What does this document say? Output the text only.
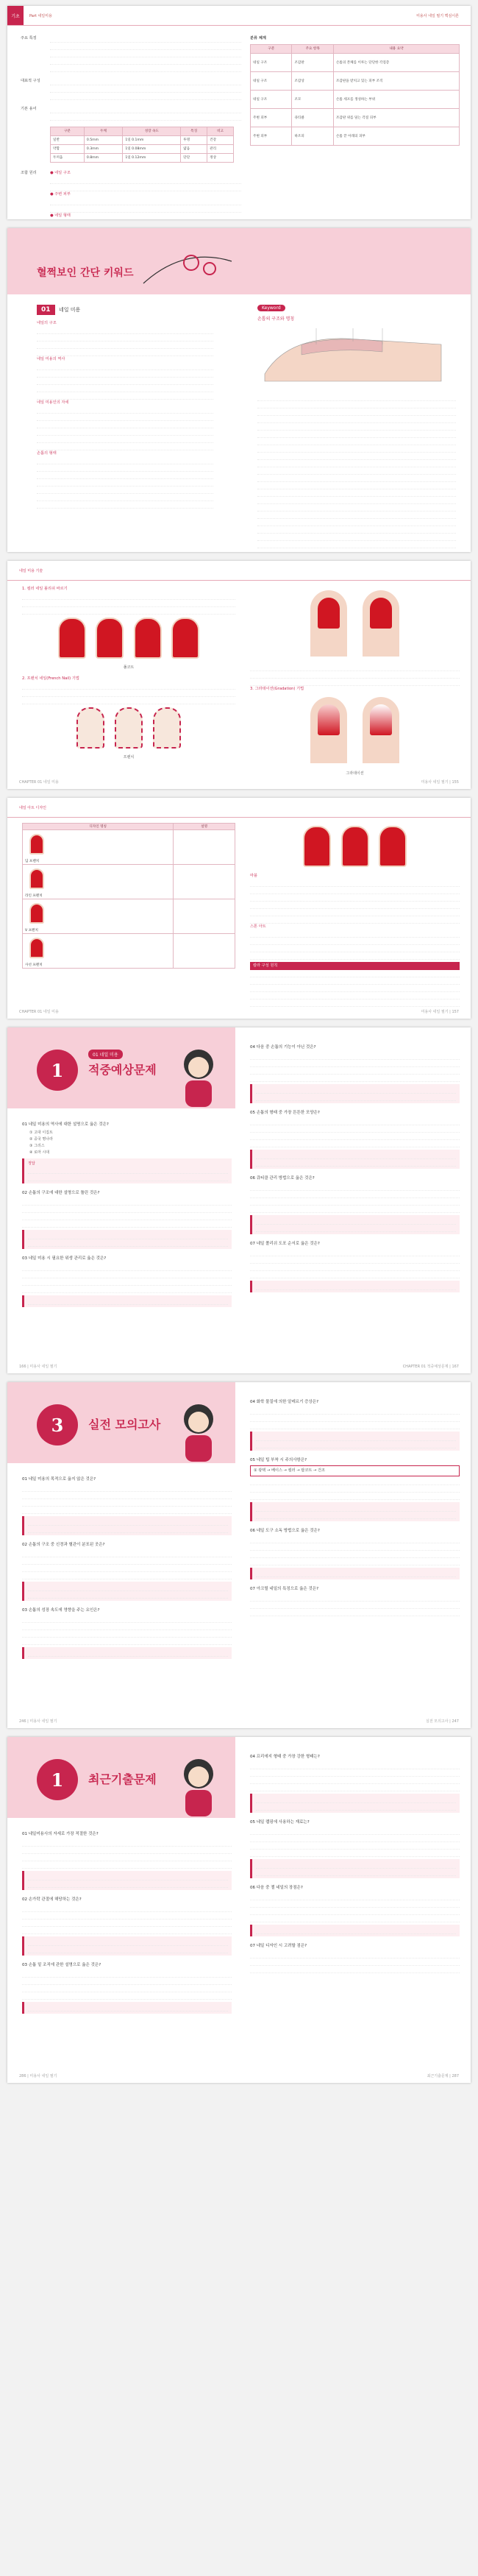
기초	Part 네일미용	미용사 네일 필기 핵심이론
주요 특징
대표적 구성
기본 용어
구분	두께	성장 속도	특징	비고
일반	0.5mm	1일 0.1mm	투명	건강
약함	0.3mm	1일 0.08mm	얇음	관리
두꺼움	0.8mm	1일 0.12mm	단단	정상
조합 원리	● 네일 구조
● 주변 피부
● 네일 형태
분류 체계
구분	주요 항목	내용 요약
네일 구조	조갑판	손톱의 본체를 이루는 단단한 각질층
네일 구조	조갑상	조갑판을 받치고 있는 피부 조직
네일 구조	조모	손톱 세포를 생성하는 부위
주변 피부	큐티클	조갑판 위를 덮는 각질 피부
주변 피부	하조피	손톱 끝 아래의 피부
혈쩍보인 간단 키워드
01	네일 미용
네일의 구조
네일 미용의 역사
네일 미용인의 자세
손톱의 형태
Keyword
손톱의 구조와 명칭
네일 미용 기술
1. 컬러 네일 폴리쉬 바르기

풀코트
2. 프렌치 네일(French Nail) 기법

프렌치

3. 그라데이션(Gradation) 기법

그라데이션
CHAPTER 01 네일 미용	미용사 네일 필기 | 155
네일 아트 디자인
디자인 명칭	설명

딥 프렌치	

라인 프렌치	

V 프렌치	

사선 프렌치	

마블
스톤 아트
칼라 구성 원칙
CHAPTER 01 네일 미용	미용사 네일 필기 | 157
1	적중예상문제
01 네일 미용
01 네일 미용의 역사에 대한 설명으로 옳은 것은?
① 고대 이집트
② 중국 명나라
③ 그리스
④ 로마 시대
정답
02 손톱의 구조에 대한 설명으로 틀린 것은?
03 네일 미용 시 필요한 위생 관리로 옳은 것은?
04 다음 중 손톱의 기능이 아닌 것은?
05 손톱의 형태 중 가장 튼튼한 모양은?
06 큐티클 관리 방법으로 옳은 것은?
07 네일 폴리쉬 도포 순서로 옳은 것은?
166 | 미용사 네일 필기	CHAPTER 01 적중예상문제 | 167
3	실전 모의고사
01 네일 미용의 목적으로 옳지 않은 것은?
02 손톱의 구조 중 신경과 혈관이 분포된 곳은?
03 손톱의 성장 속도에 영향을 주는 요인은?
04 화학 물질에 의한 알레르기 증상은?
05 네일 팁 부착 시 주의사항은?
① 광택 → 베이스 → 컬러 → 탑코트 → 건조
06 네일 도구 소독 방법으로 옳은 것은?
07 아크릴 네일의 특징으로 옳은 것은?
246 | 미용사 네일 필기	실전 모의고사 | 247
1	최근기출문제
01 네일미용사의 자세로 가장 적절한 것은?
02 손가락 관절에 해당하는 것은?
03 손톱 밑 조직에 관한 설명으로 옳은 것은?
04 프리에지 형태 중 가장 강한 형태는?
05 네일 랩핑에 사용하는 재료는?
06 다음 중 젤 네일의 장점은?
07 네일 디자인 시 고려할 점은?
286 | 미용사 네일 필기	최근기출문제 | 287
